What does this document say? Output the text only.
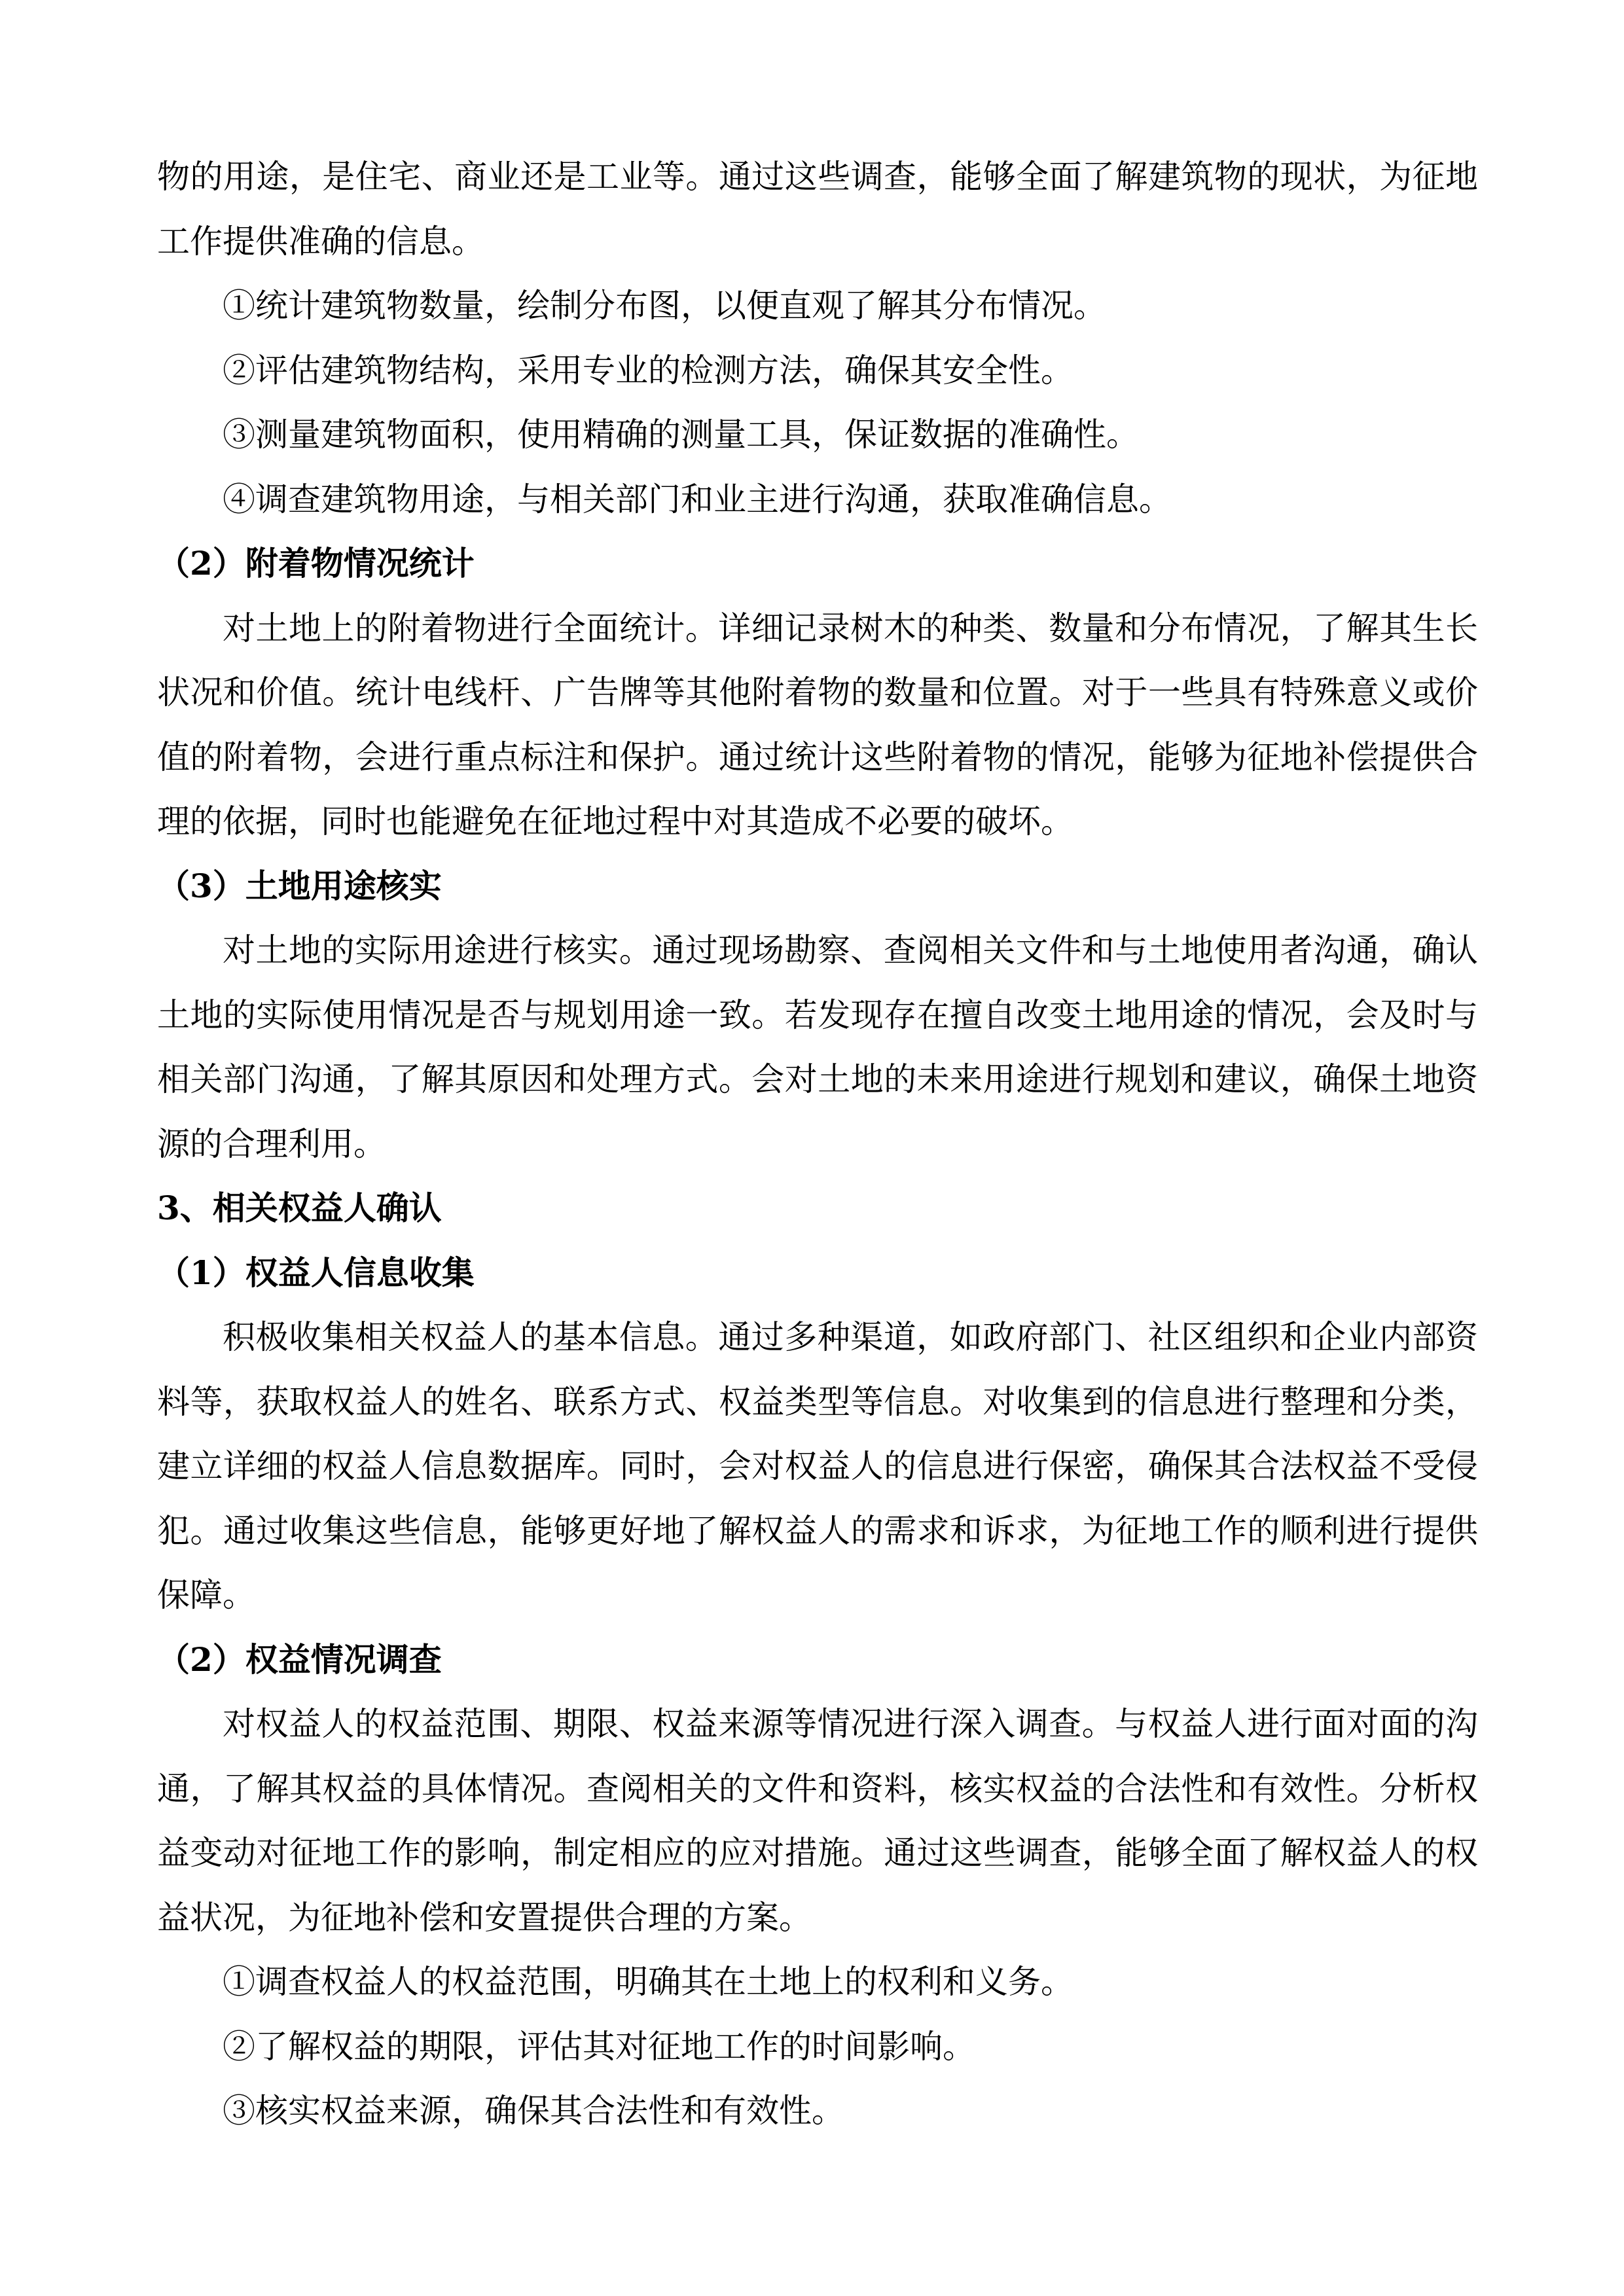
物的用途，是住宅、商业还是工业等。通过这些调查，能够全面了解建筑物的现状，为征地工作提供准确的信息。

①统计建筑物数量，绘制分布图，以便直观了解其分布情况。

②评估建筑物结构，采用专业的检测方法，确保其安全性。

③测量建筑物面积，使用精确的测量工具，保证数据的准确性。

④调查建筑物用途，与相关部门和业主进行沟通，获取准确信息。

（2）附着物情况统计

对土地上的附着物进行全面统计。详细记录树木的种类、数量和分布情况，了解其生长状况和价值。统计电线杆、广告牌等其他附着物的数量和位置。对于一些具有特殊意义或价值的附着物，会进行重点标注和保护。通过统计这些附着物的情况，能够为征地补偿提供合理的依据，同时也能避免在征地过程中对其造成不必要的破坏。

（3）土地用途核实

对土地的实际用途进行核实。通过现场勘察、查阅相关文件和与土地使用者沟通，确认土地的实际使用情况是否与规划用途一致。若发现存在擅自改变土地用途的情况，会及时与相关部门沟通，了解其原因和处理方式。会对土地的未来用途进行规划和建议，确保土地资源的合理利用。

3、相关权益人确认

（1）权益人信息收集

积极收集相关权益人的基本信息。通过多种渠道，如政府部门、社区组织和企业内部资料等，获取权益人的姓名、联系方式、权益类型等信息。对收集到的信息进行整理和分类，建立详细的权益人信息数据库。同时，会对权益人的信息进行保密，确保其合法权益不受侵犯。通过收集这些信息，能够更好地了解权益人的需求和诉求，为征地工作的顺利进行提供保障。

（2）权益情况调查

对权益人的权益范围、期限、权益来源等情况进行深入调查。与权益人进行面对面的沟通，了解其权益的具体情况。查阅相关的文件和资料，核实权益的合法性和有效性。分析权益变动对征地工作的影响，制定相应的应对措施。通过这些调查，能够全面了解权益人的权益状况，为征地补偿和安置提供合理的方案。

①调查权益人的权益范围，明确其在土地上的权利和义务。

②了解权益的期限，评估其对征地工作的时间影响。

③核实权益来源，确保其合法性和有效性。
